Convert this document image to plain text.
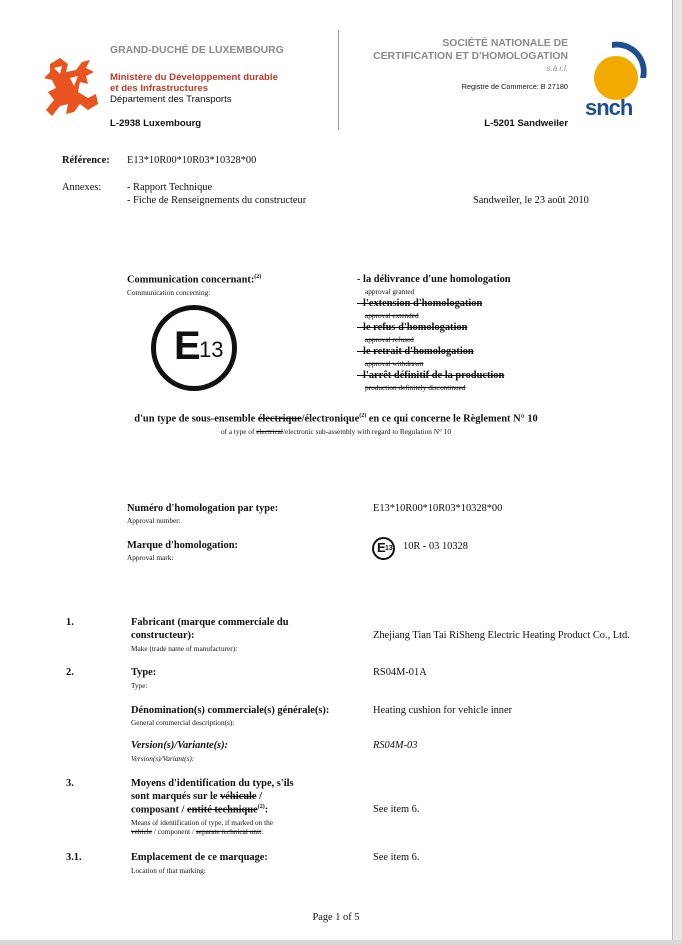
GRAND-DUCHÉ DE LUXEMBOURG
Ministère du Développement durable
et des Infrastructures
Département des Transports
L-2938 Luxembourg
SOCIÉTÉ NATIONALE DE
CERTIFICATION ET D'HOMOLOGATION
s.à r.l.
Registre de Commerce: B 27180
L-5201 Sandweiler
snch
Référence: E13*10R00*10R03*10328*00
Annexes: - Rapport Technique
- Fiche de Renseignements du constructeur	Sandweiler, le 23 août 2010
Communication concernant:$^{(2)}$
Communication concerning:
- la délivrance d'une homologation
approval granted
- l'extension d'homologation
approval extended
- le refus d'homologation
approval refused
- le retrait d'homologation
approval withdrawn
- l'arrêt définitif de la production
production definitely discontinued
E 13
d'un type de sous-ensemble électrique/électronique$^{(2)}$ en ce qui concerne le Règlement N° 10
of a type of electrical/electronic sub-assembly with regard to Regulation N° 10
Numéro d'homologation par type:
Approval number:
E13*10R00*10R03*10328*00
Marque d'homologation:
Approval mark:
E 13 10R - 03 10328
1.	Fabricant (marque commerciale du
constructeur):
Make (trade name of manufacturer):
Zhejiang Tian Tai RiSheng Electric Heating Product Co., Ltd.
2.	Type:
Type:
RS04M-01A
Dénomination(s) commerciale(s) générale(s):
General commercial description(s):
Heating cushion for vehicle inner
Version(s)/Variante(s):
Version(s)/Variant(s):
RS04M-03
3.	Moyens d'identification du type, s'ils
sont marqués sur le véhicule /
composant / entité technique$^{(2)}$:
Means of identification of type, if marked on the
vehicle / component / separate technical unit:
See item 6.
3.1.	Emplacement de ce marquage:
Location of that marking:
See item 6.
Page 1 of 5
